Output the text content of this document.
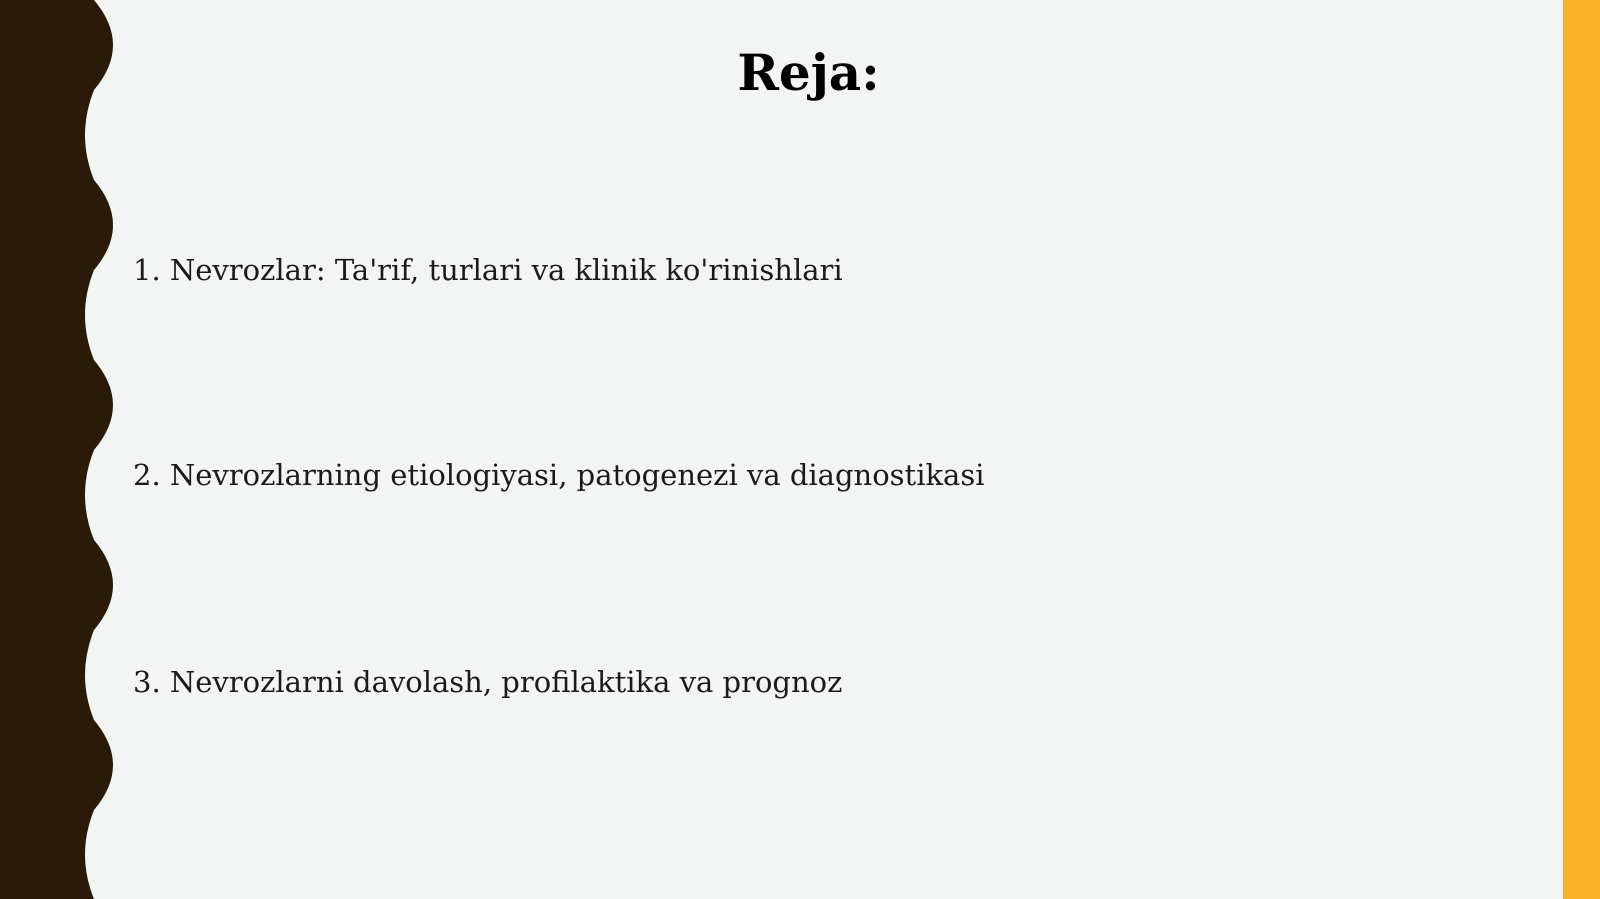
Reja:
1. Nevrozlar: Ta'rif, turlari va klinik ko'rinishlari
2. Nevrozlarning etiologiyasi, patogenezi va diagnostikasi
3. Nevrozlarni davolash, profilaktika va prognoz
